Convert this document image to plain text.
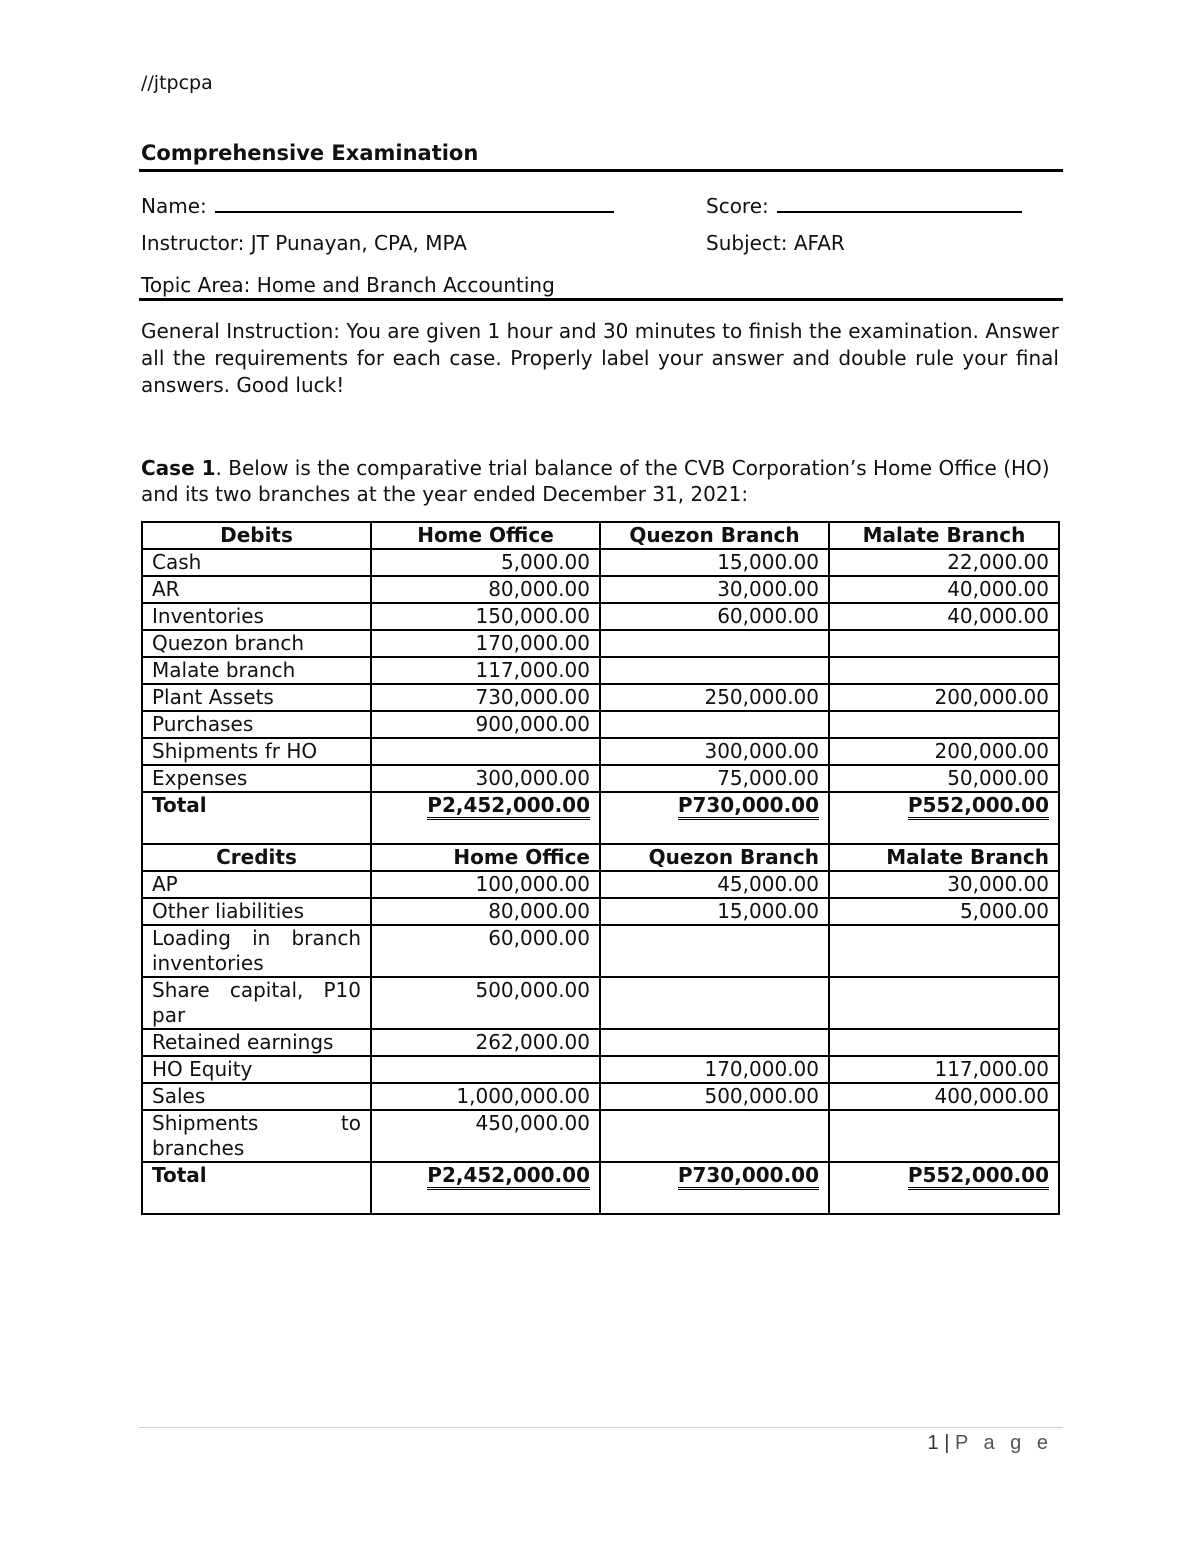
//jtpcpa
Comprehensive Examination
Name:	Score:
Instructor: JT Punayan, CPA, MPA	Subject: AFAR
Topic Area: Home and Branch Accounting
General Instruction: You are given 1 hour and 30 minutes to finish the examination. Answer all the requirements for each case. Properly label your answer and double rule your final answers. Good luck!
Case 1. Below is the comparative trial balance of the CVB Corporation’s Home Office (HO) and its two branches at the year ended December 31, 2021:
Debits	Home Office	Quezon Branch	Malate Branch
Cash	5,000.00	15,000.00	22,000.00
AR	80,000.00	30,000.00	40,000.00
Inventories	150,000.00	60,000.00	40,000.00
Quezon branch	170,000.00		
Malate branch	117,000.00		
Plant Assets	730,000.00	250,000.00	200,000.00
Purchases	900,000.00		
Shipments fr HO		300,000.00	200,000.00
Expenses	300,000.00	75,000.00	50,000.00
Total	P2,452,000.00	P730,000.00	P552,000.00
Credits	Home Office	Quezon Branch	Malate Branch
AP	100,000.00	45,000.00	30,000.00
Other liabilities	80,000.00	15,000.00	5,000.00
Loading in branch inventories	60,000.00		
Share capital, P10 par	500,000.00		
Retained earnings	262,000.00		
HO Equity		170,000.00	117,000.00
Sales	1,000,000.00	500,000.00	400,000.00

Shipments to
branches	450,000.00		
Total	P2,452,000.00	P730,000.00	P552,000.00
1 | P a g e
